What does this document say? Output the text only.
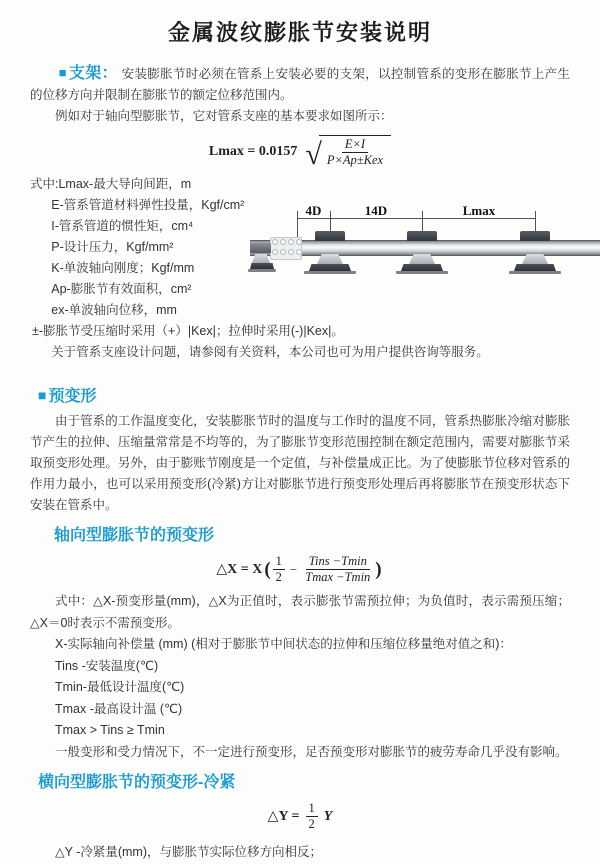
金属波纹膨胀节安装说明

■ 支架： 安装膨胀节时必须在管系上安装必要的支架，以控制管系的变形在膨胀节上产生的位移方向并限制在膨胀节的额定位移范围内。

例如对于轴向型膨胀节，它对管系支座的基本要求如图所示：

Lmax = 0.0157 √ $\frac{E\times I}{\text{P×Ap±Kex}}$
式中:Lmax-最大导向间距，m
E-管系管道材料弹性投量，Kgf/cm²
I-管系管道的惯性矩，cm⁴
P-设计压力，Kgf/mm²
K-单波轴向刚度；Kgf/mm
Ap-膨胀节有效面积，cm²
ex-单波轴向位移，mm
±-膨胀节受压缩时采用（+）|Kex|；拉伸时采用(-)|Kex|。
关于管系支座设计问题，请参阅有关资料，本公司也可为用户提供咨询等服务。
4D	14D	Lmax
■ 预变形

由于管系的工作温度变化，安装膨胀节时的温度与工作时的温度不同，管系热膨胀冷缩对膨胀节产生的拉伸、压缩量常常是不均等的，为了膨胀节变形范围控制在额定范围内，需要对膨胀节采取预变形处理。另外，由于膨账节刚度是一个定值，与补偿量成正比。为了使膨胀节位移对管系的作用力最小，也可以采用预变形(冷紧)方让对膨胀节进行预变形处理后再将膨胀节在预变形状态下安装在管系中。

轴向型膨胀节的预变形
△X = X ( $\frac{1}{2} - \frac{\text{Tins −Tmin}}{Tmax -Tmin}$ )

式中：△X-预变形量(mm)，△X为正值时，表示膨张节需预拉伸；为负值时，表示需预压缩；△X＝0时表示不需预变形。

X-实际轴向补偿量 (mm) (相对于膨胀节中间状态的拉伸和压缩位移量绝对值之和)：

Tins -安装温度(℃)

Tmin-最低设计温度(℃)

Tmax -最高设计温 (℃)

Tmax > Tins ≥ Tmin

一般变形和受力情况下，不一定进行预变形，足否预变形对膨胀节的疲劳寿命几乎没有影响。

横向型膨胀节的预变形-冷紧
△Y = $\frac{1}{2}$ Y

△Y -冷紧量(mm)，与膨胀节实际位移方向相反；
